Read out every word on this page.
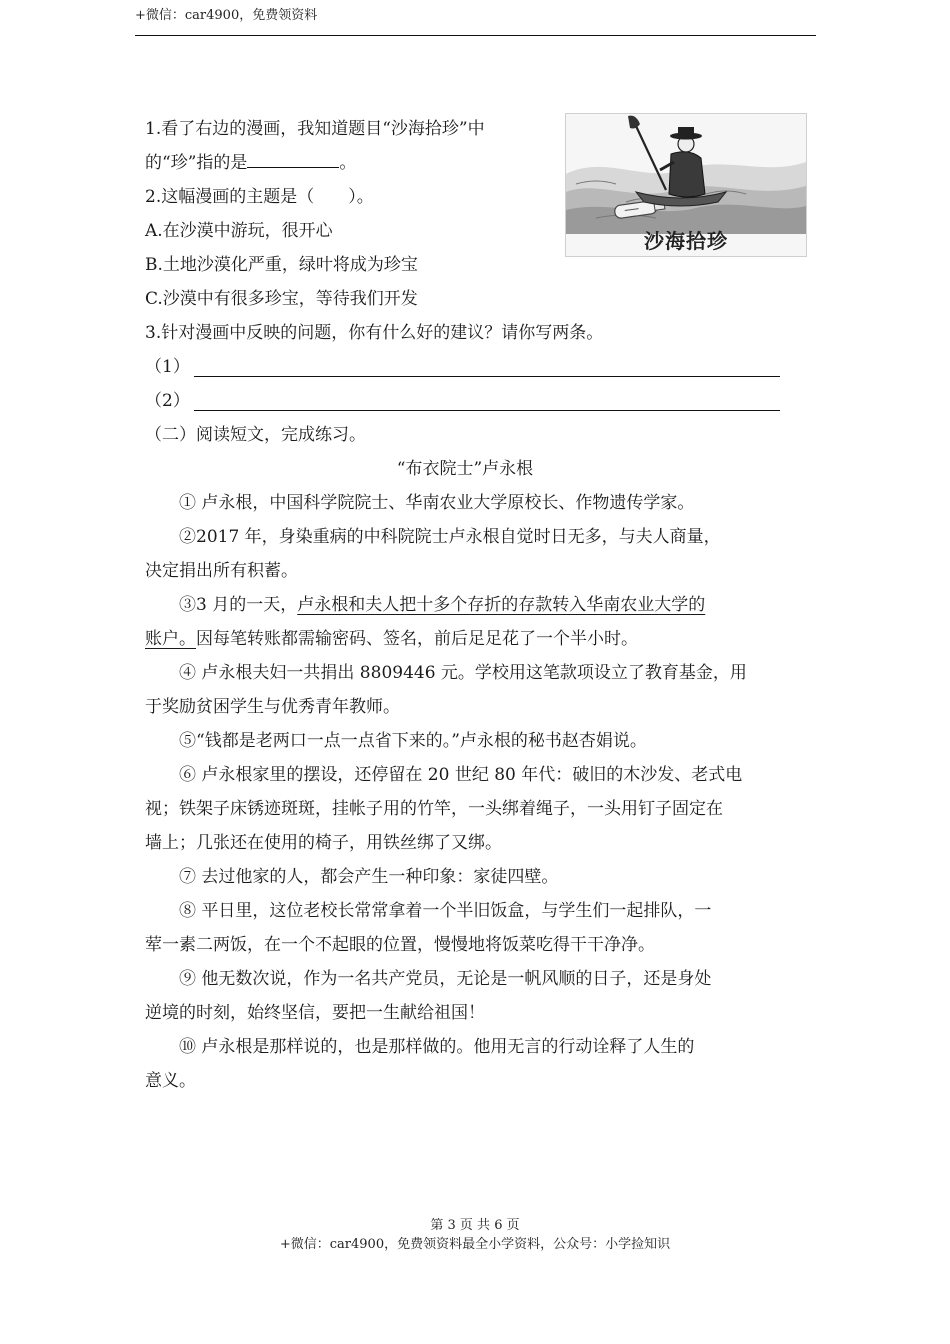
+微信：car4900，免费领资料
沙海拾珍
1.看了右边的漫画，我知道题目“沙海拾珍”中
的“珍”指的是	。
2.这幅漫画的主题是（　　）。
A.在沙漠中游玩，很开心
B.土地沙漠化严重，绿叶将成为珍宝
C.沙漠中有很多珍宝，等待我们开发
3.针对漫画中反映的问题，你有什么好的建议？请你写两条。
（1）
（2）
（二）阅读短文，完成练习。
“布衣院士”卢永根
① 卢永根，中国科学院院士、华南农业大学原校长、作物遗传学家。
②2017 年，身染重病的中科院院士卢永根自觉时日无多，与夫人商量，
决定捐出所有积蓄。
③3 月的一天，卢永根和夫人把十多个存折的存款转入华南农业大学的
账户。因每笔转账都需输密码、签名，前后足足花了一个半小时。
④ 卢永根夫妇一共捐出 8809446 元。学校用这笔款项设立了教育基金，用
于奖励贫困学生与优秀青年教师。
⑤“钱都是老两口一点一点省下来的。”卢永根的秘书赵杏娟说。
⑥ 卢永根家里的摆设，还停留在 20 世纪 80 年代：破旧的木沙发、老式电
视；铁架子床锈迹斑斑，挂帐子用的竹竿，一头绑着绳子，一头用钉子固定在
墙上；几张还在使用的椅子，用铁丝绑了又绑。
⑦ 去过他家的人，都会产生一种印象：家徒四壁。
⑧ 平日里，这位老校长常常拿着一个半旧饭盒，与学生们一起排队，一
荤一素二两饭，在一个不起眼的位置，慢慢地将饭菜吃得干干净净。
⑨ 他无数次说，作为一名共产党员，无论是一帆风顺的日子，还是身处
逆境的时刻，始终坚信，要把一生献给祖国！
⑩ 卢永根是那样说的，也是那样做的。他用无言的行动诠释了人生的
意义。
第 3 页 共 6 页
+微信：car4900，免费领资料最全小学资料，公众号：小学捡知识
